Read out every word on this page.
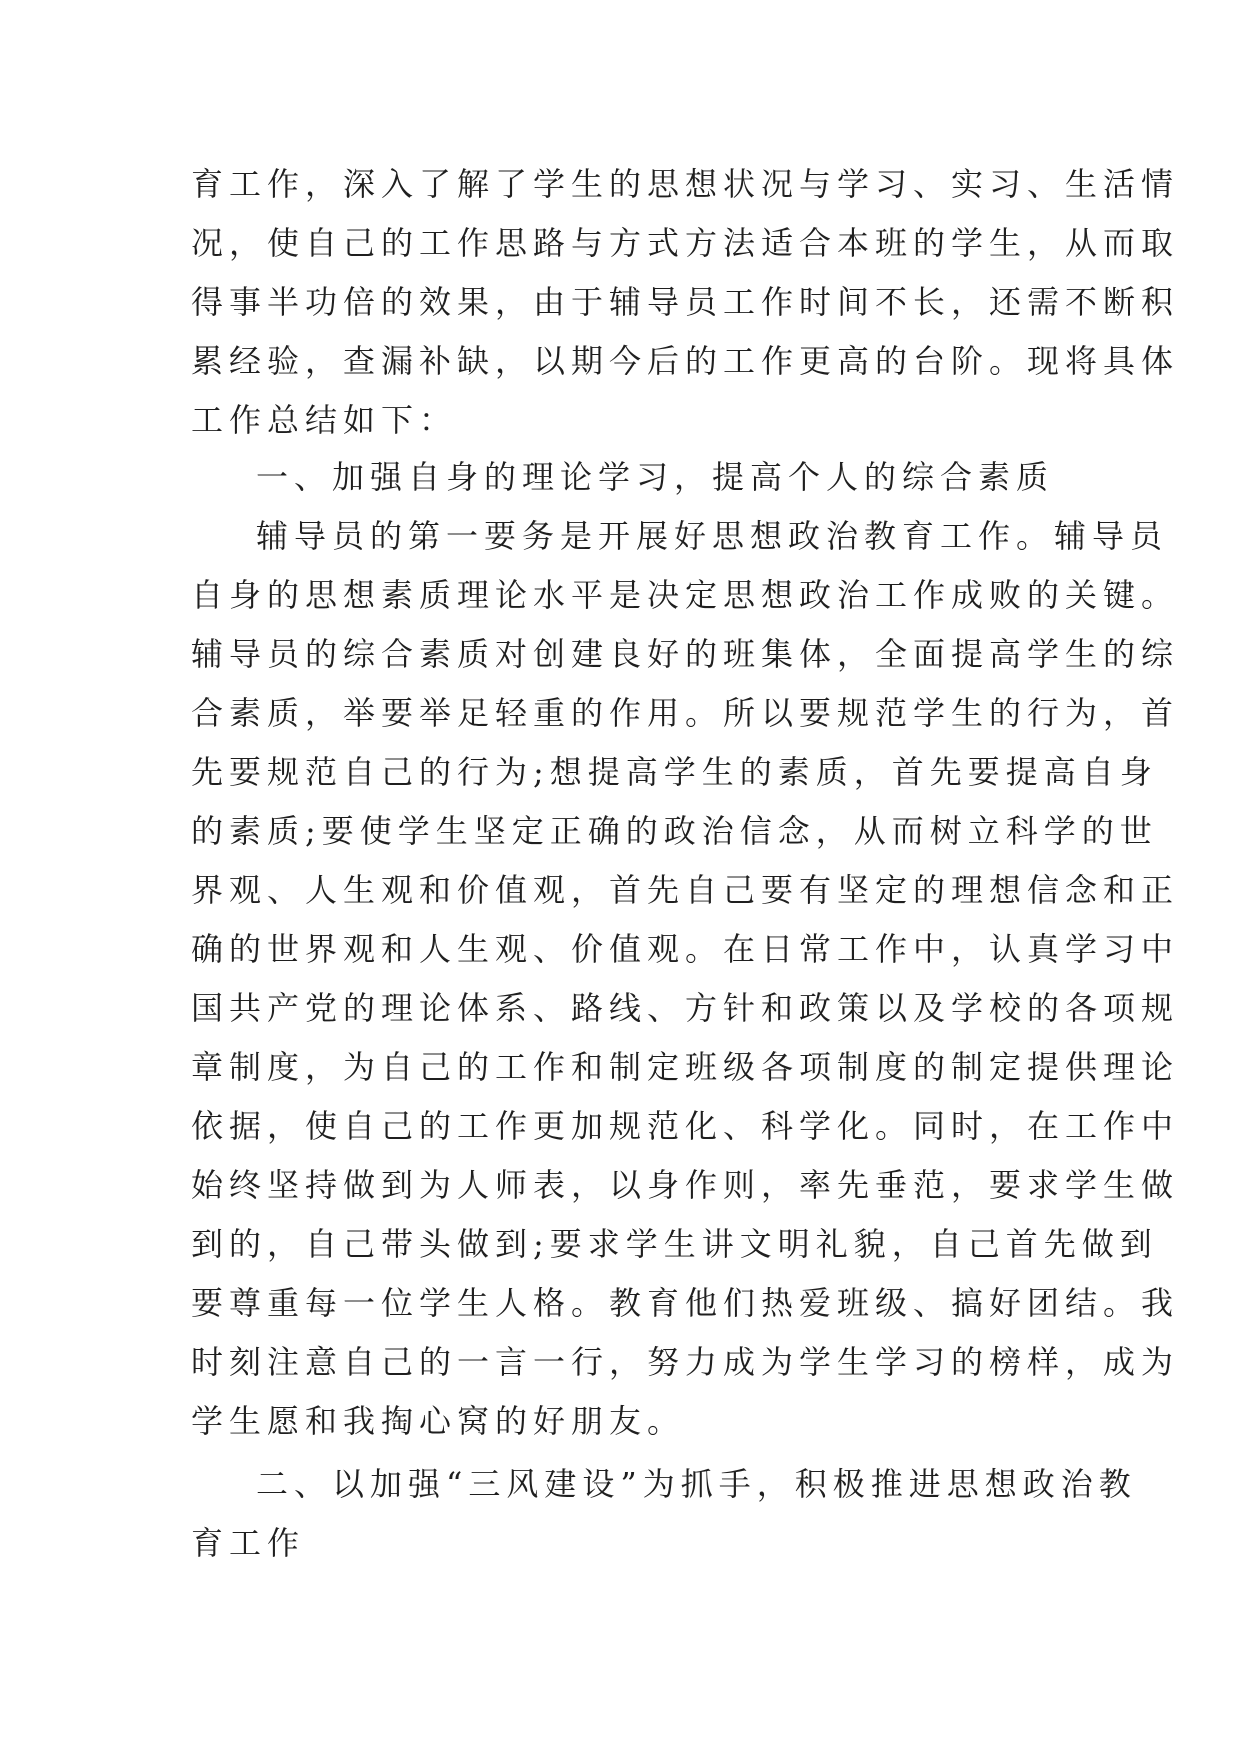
育工作，深入了解了学生的思想状况与学习、实习、生活情
况，使自己的工作思路与方式方法适合本班的学生，从而取
得事半功倍的效果，由于辅导员工作时间不长，还需不断积
累经验，查漏补缺，以期今后的工作更高的台阶。现将具体
工作总结如下：
一、加强自身的理论学习，提高个人的综合素质
辅导员的第一要务是开展好思想政治教育工作。辅导员
自身的思想素质理论水平是决定思想政治工作成败的关键。
辅导员的综合素质对创建良好的班集体，全面提高学生的综
合素质，举要举足轻重的作用。所以要规范学生的行为，首
先要规范自己的行为;想提高学生的素质，首先要提高自身
的素质;要使学生坚定正确的政治信念，从而树立科学的世
界观、人生观和价值观，首先自己要有坚定的理想信念和正
确的世界观和人生观、价值观。在日常工作中，认真学习中
国共产党的理论体系、路线、方针和政策以及学校的各项规
章制度，为自己的工作和制定班级各项制度的制定提供理论
依据，使自己的工作更加规范化、科学化。同时，在工作中
始终坚持做到为人师表，以身作则，率先垂范，要求学生做
到的，自己带头做到;要求学生讲文明礼貌，自己首先做到
要尊重每一位学生人格。教育他们热爱班级、搞好团结。我
时刻注意自己的一言一行，努力成为学生学习的榜样，成为
学生愿和我掏心窝的好朋友。
二、以加强“三风建设”为抓手，积极推进思想政治教
育工作
